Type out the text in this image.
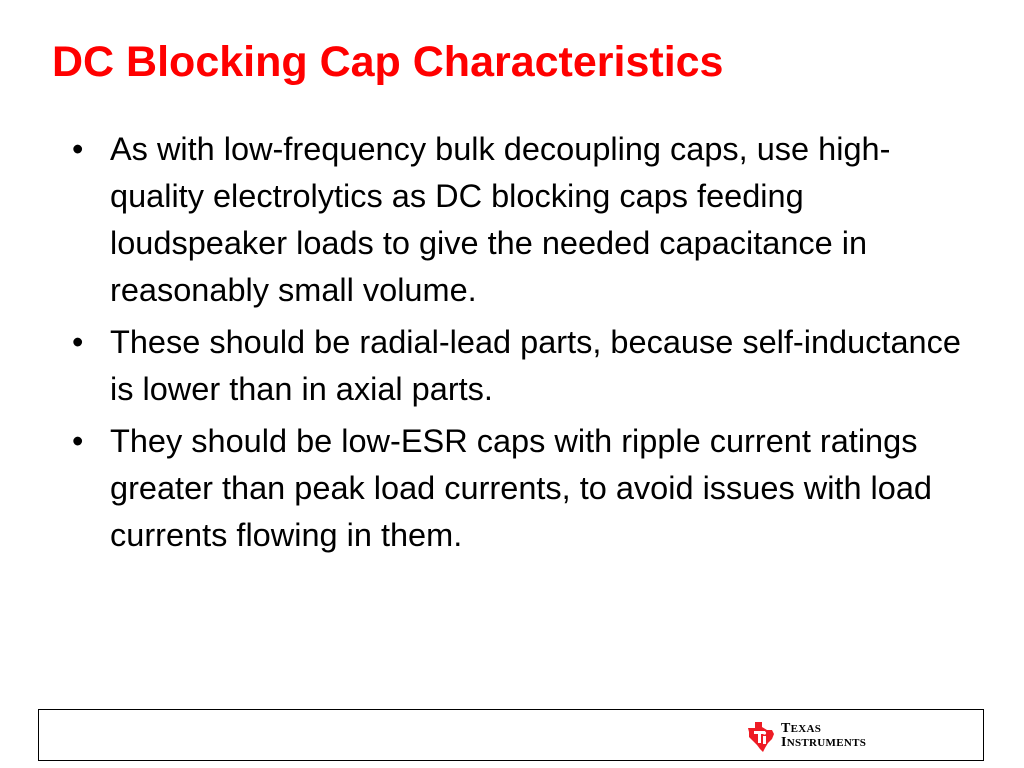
DC Blocking Cap Characteristics
• As with low-frequency bulk decoupling caps, use high-quality electrolytics as DC blocking caps feeding loudspeaker loads to give the needed capacitance in reasonably small volume.
• These should be radial-lead parts, because self-inductance is lower than in axial parts.
• They should be low-ESR caps with ripple current ratings greater than peak load currents, to avoid issues with load currents flowing in them.
TEXAS
INSTRUMENTS
